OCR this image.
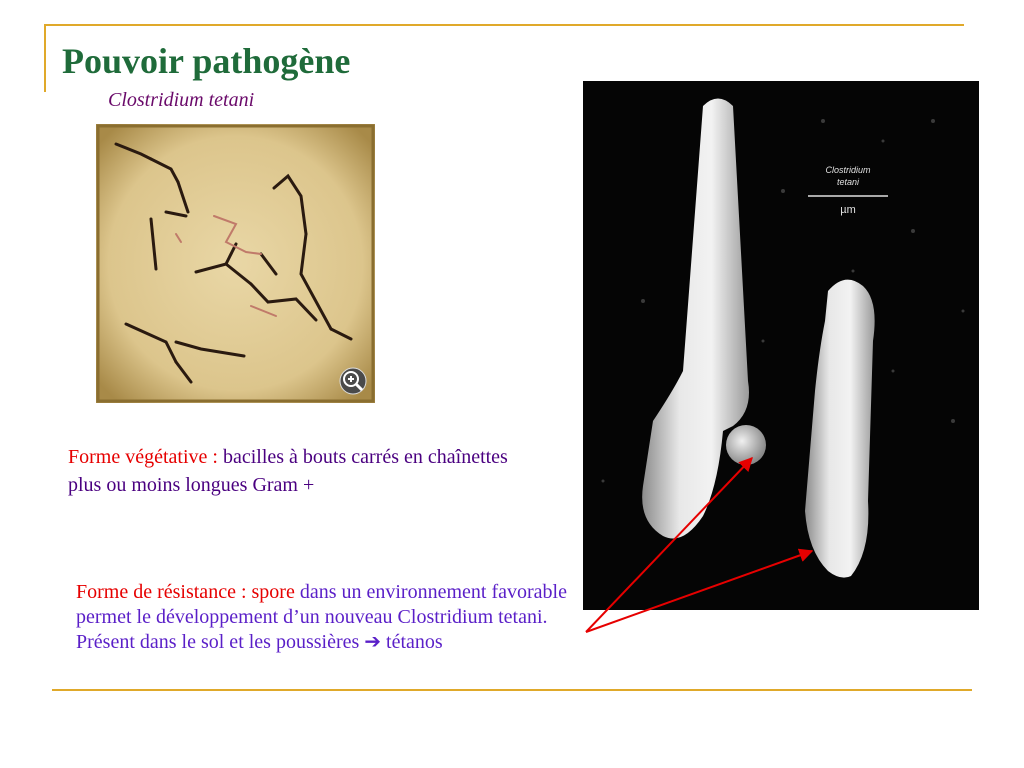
Pouvoir pathogène
Clostridium tetani
Clostridium
tetani
µm
Forme végétative : bacilles à bouts carrés en chaînettes plus ou moins longues Gram +
Forme de résistance : spore dans un environnement favorable permet le développement d’un nouveau Clostridium tetani.
Présent dans le sol et les poussières ➔ tétanos
